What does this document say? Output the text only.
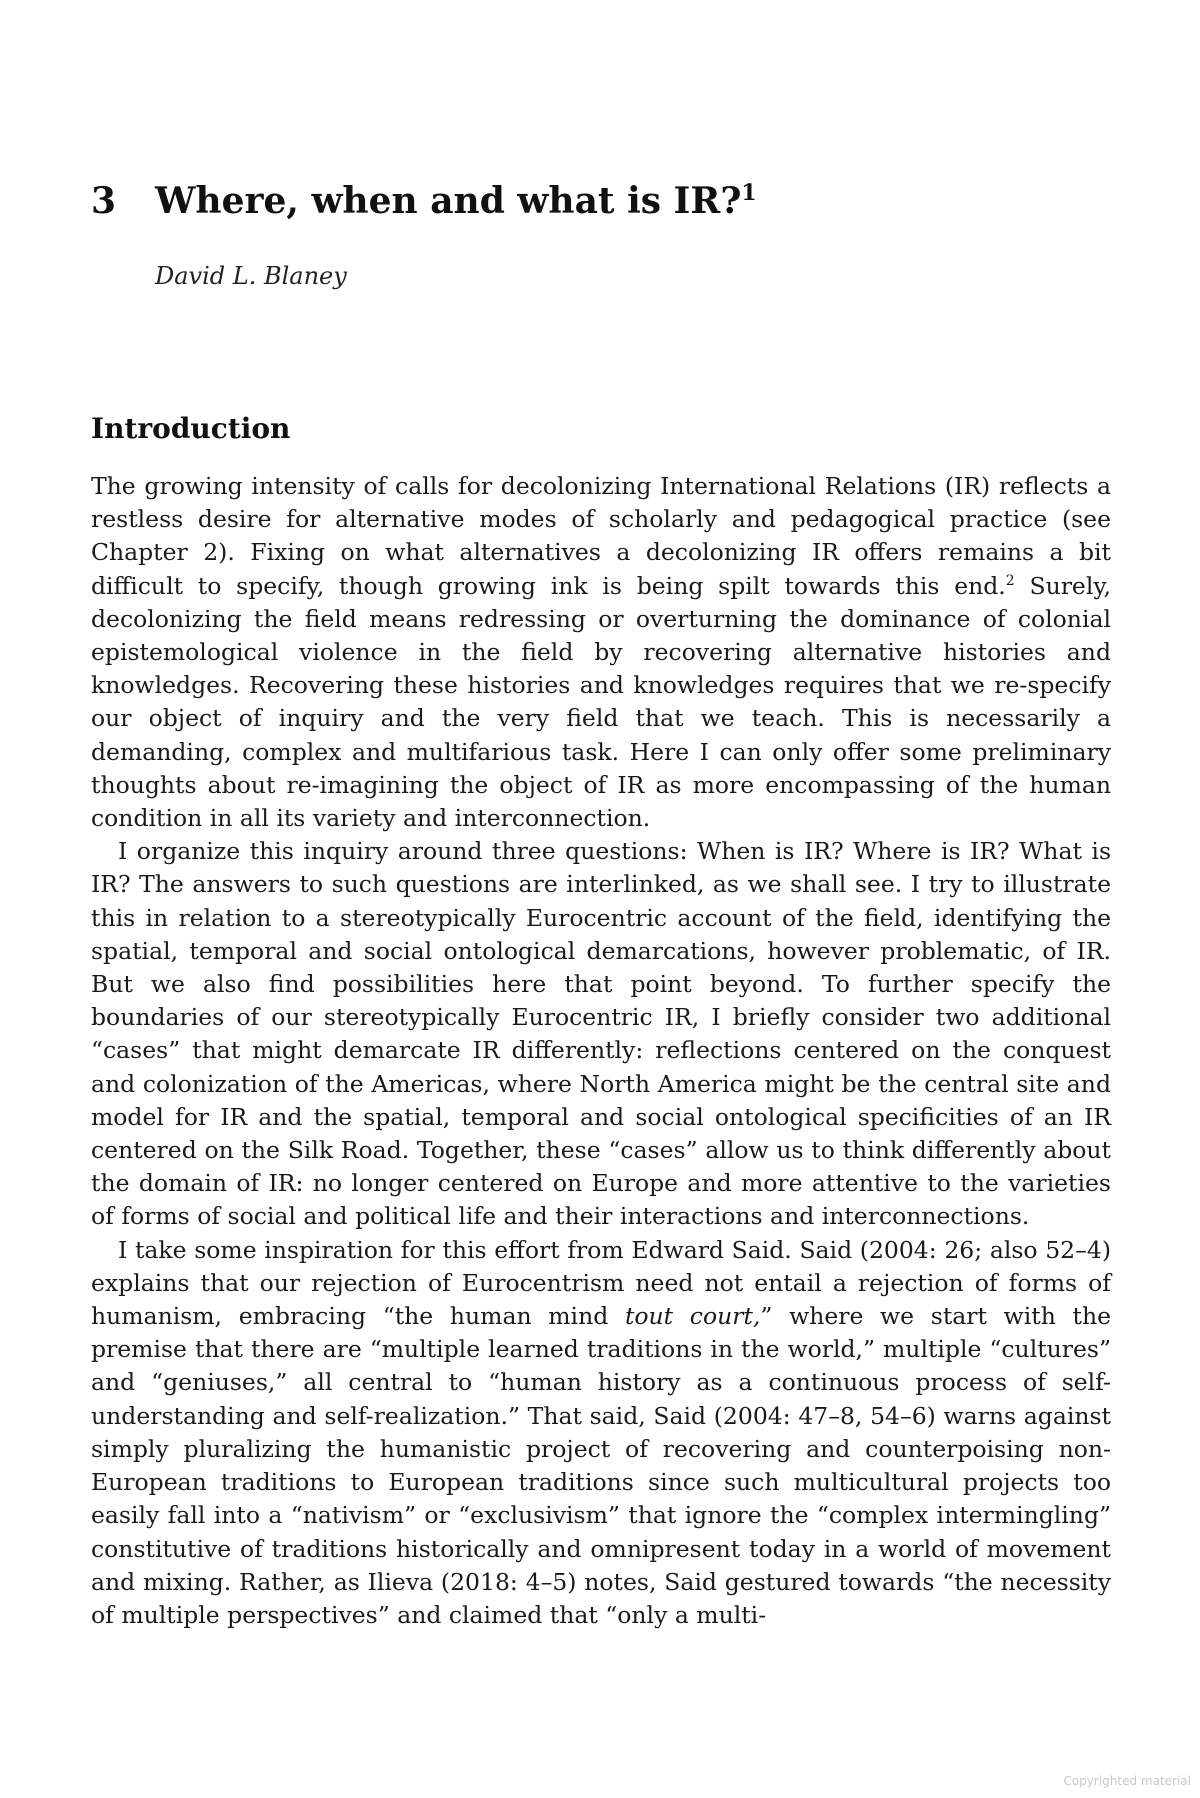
3	Where, when and what is IR?$^1$

David L. Blaney

Introduction

The growing intensity of calls for decolonizing International Relations (IR) reflects a restless desire for alternative modes of scholarly and pedagogical practice (see Chapter 2). Fixing on what alternatives a decolonizing IR offers remains a bit difficult to specify, though growing ink is being spilt towards this end.$^2$ Surely, decolonizing the field means redressing or overturning the dominance of colonial epistemological violence in the field by recovering alternative histories and knowledges. Recovering these histories and knowledges requires that we re-specify our object of inquiry and the very field that we teach. This is necessarily a demanding, complex and multifarious task. Here I can only offer some preliminary thoughts about re-imagining the object of IR as more encompassing of the human condition in all its variety and interconnection.

I organize this inquiry around three questions: When is IR? Where is IR? What is IR? The answers to such questions are interlinked, as we shall see. I try to illustrate this in relation to a stereotypically Eurocentric account of the field, identifying the spatial, temporal and social ontological demarcations, however problematic, of IR. But we also find possibilities here that point beyond. To further specify the boundaries of our stereotypically Eurocentric IR, I briefly consider two additional “cases” that might demarcate IR differently: reflections centered on the conquest and colonization of the Americas, where North America might be the central site and model for IR and the spatial, temporal and social ontological specificities of an IR centered on the Silk Road. Together, these “cases” allow us to think differently about the domain of IR: no longer centered on Europe and more attentive to the varieties of forms of social and political life and their interactions and interconnections.

I take some inspiration for this effort from Edward Said. Said (2004: 26; also 52–4) explains that our rejection of Eurocentrism need not entail a rejection of forms of humanism, embracing “the human mind tout court,” where we start with the premise that there are “multiple learned traditions in the world,” multiple “cultures” and “geniuses,” all central to “human history as a continuous process of self-understanding and self-realization.” That said, Said (2004: 47–8, 54–6) warns against simply pluralizing the humanistic project of recovering and counterpoising non-European traditions to European traditions since such multicultural projects too easily fall into a “nativism” or “exclusivism” that ignore the “complex intermingling” constitutive of traditions historically and omnipresent today in a world of movement and mixing. Rather, as Ilieva (2018: 4–5) notes, Said gestured towards “the necessity of multiple perspectives” and claimed that “only a multi-

Copyrighted material
